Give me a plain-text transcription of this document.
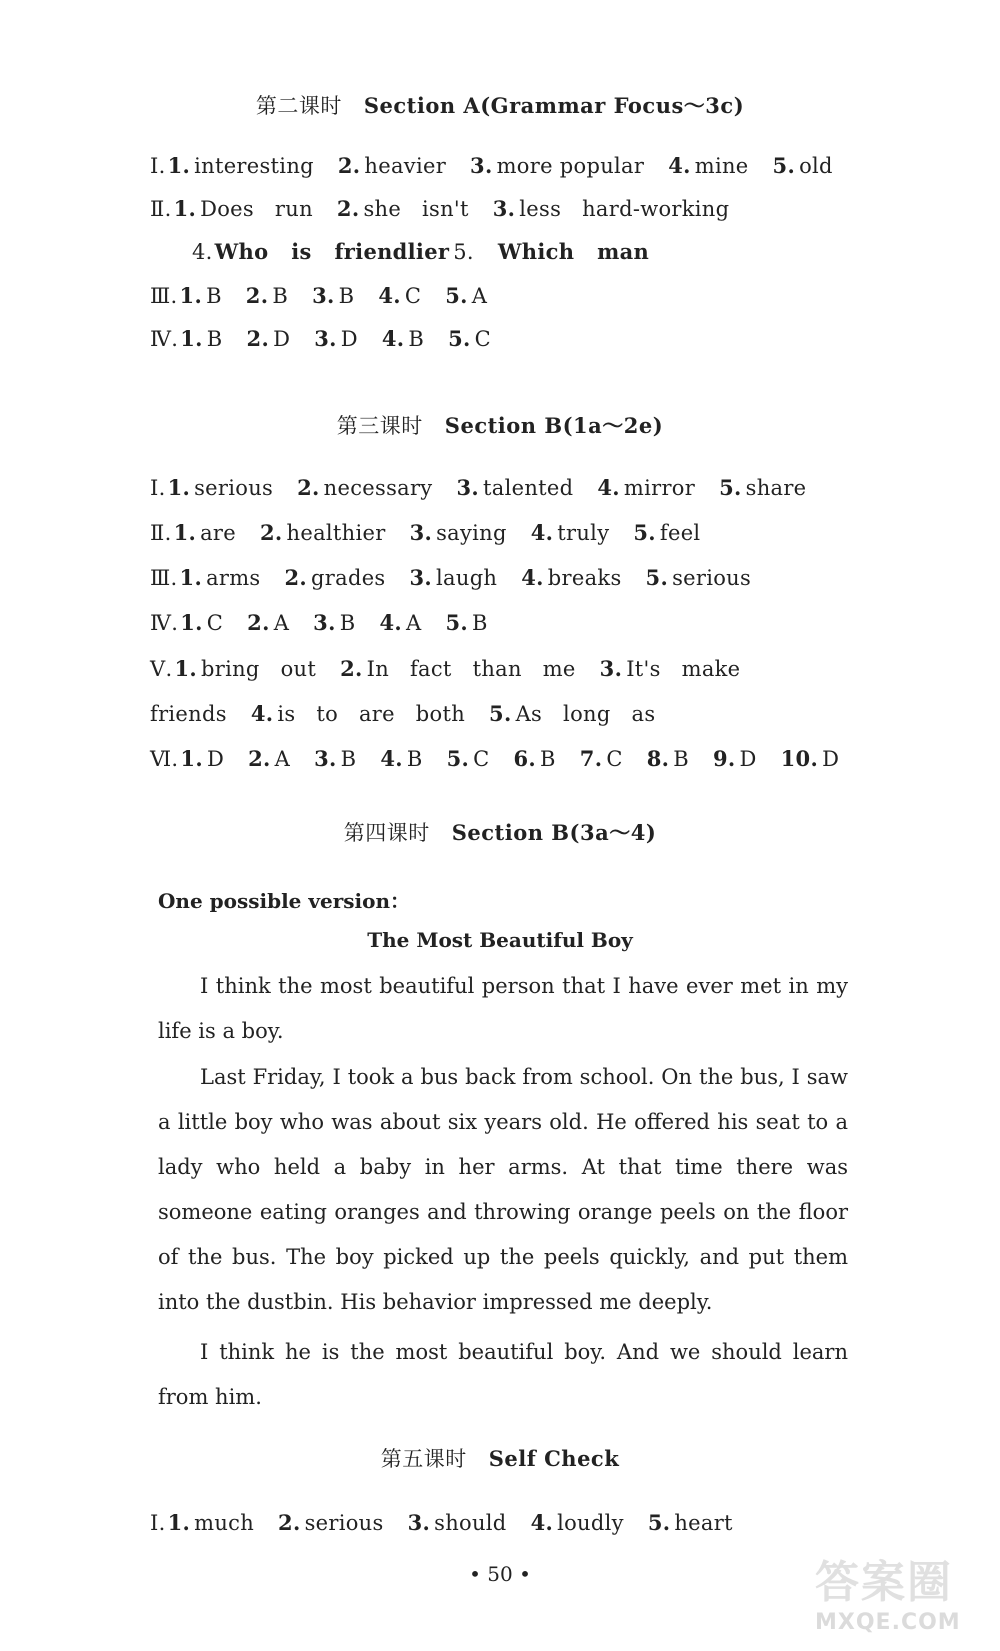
第二课时 Section A(Grammar Focus～3c)
Ⅰ.1. interesting 2. heavier 3. more popular 4. mine 5. old
Ⅱ.1. Does   run 2. she   isn't 3. less   hard-working
4.Who   is   friendlier 5. Which   man
Ⅲ.1. B 2. B 3. B 4. C 5. A
Ⅳ.1. B 2. D 3. D 4. B 5. C
第三课时 Section B(1a～2e)
Ⅰ.1. serious 2. necessary 3. talented 4. mirror 5. share
Ⅱ.1. are 2. healthier 3. saying 4. truly 5. feel
Ⅲ.1. arms 2. grades 3. laugh 4. breaks 5. serious
Ⅳ.1. C 2. A 3. B 4. A 5. B
Ⅴ.1. bring   out 2. In   fact   than   me 3. It's   make
friends 4. is   to   are   both 5. As   long   as
Ⅵ.1. D 2. A 3. B 4. B 5. C 6. B 7. C 8. B 9. D 10. D
第四课时 Section B(3a～4)
One possible version：
The Most Beautiful Boy
I think the most beautiful person that I have ever met in my life is a boy.
Last Friday, I took a bus back from school. On the bus, I saw a little boy who was about six years old. He offered his seat to a lady who held a baby in her arms. At that time there was someone eating oranges and throwing orange peels on the floor of the bus. The boy picked up the peels quickly, and put them into the dustbin. His behavior impressed me deeply.
I think he is the most beautiful boy. And we should learn from him.
第五课时 Self Check
Ⅰ.1. much 2. serious 3. should 4. loudly 5. heart
• 50 •	答案圈
MXQE.COM
